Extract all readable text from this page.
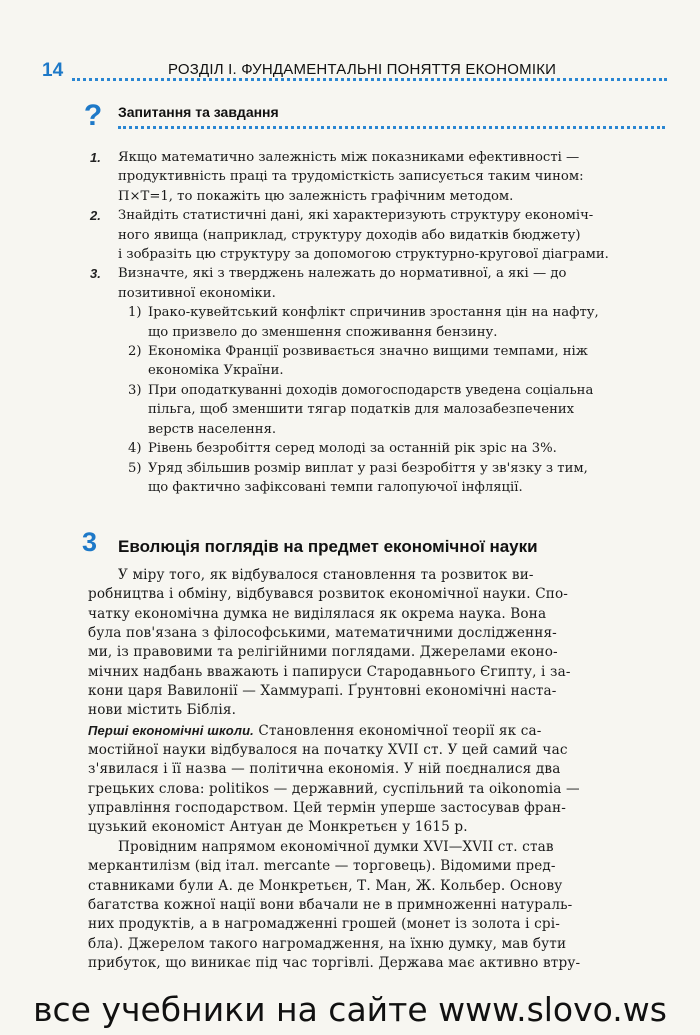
14	РОЗДІЛ І. ФУНДАМЕНТАЛЬНІ ПОНЯТТЯ ЕКОНОМІКИ
? Запитання та завдання
1. Якщо математично залежність між показниками ефективності —
продуктивність праці та трудомісткість записується таким чином:
П×Т=1, то покажіть цю залежність графічним методом.
2. Знайдіть статистичні дані, які характеризують структуру економіч-
ного явища (наприклад, структуру доходів або видатків бюджету)
і зобразіть цю структуру за допомогою структурно-кругової діаграми.
3. Визначте, які з тверджень належать до нормативної, а які — до
позитивної економіки.
1) Ірако-кувейтський конфлікт спричинив зростання цін на нафту,
що призвело до зменшення споживання бензину.
2) Економіка Франції розвивається значно вищими темпами, ніж
економіка України.
3) При оподаткуванні доходів домогосподарств уведена соціальна
пільга, щоб зменшити тягар податків для малозабезпечених
верств населення.
4) Рівень безробіття серед молоді за останній рік зріс на 3%.
5) Уряд збільшив розмір виплат у разі безробіття у зв'язку з тим,
що фактично зафіксовані темпи галопуючої інфляції.
3 Еволюція поглядів на предмет економічної науки
У міру того, як відбувалося становлення та розвиток ви-
робництва і обміну, відбувався розвиток економічної науки. Спо-
чатку економічна думка не виділялася як окрема наука. Вона
була пов'язана з філософськими, математичними дослідження-
ми, із правовими та релігійними поглядами. Джерелами еконо-
мічних надбань вважають і папируси Стародавнього Єгипту, і за-
кони царя Вавилонії — Хаммурапі. Ґрунтовні економічні наста-
нови містить Біблія.
Перші економічні школи. Становлення економічної теорії як са-
мостійної науки відбувалося на початку XVII ст. У цей самий час
з'явилася і її назва — політична економія. У ній поєдналися два
грецьких слова: politikos — державний, суспільний та oikonomia —
управління господарством. Цей термін уперше застосував фран-
цузький економіст Антуан де Монкретьєн у 1615 р.
Провідним напрямом економічної думки XVI—XVII ст. став
меркантилізм (від італ. mercante — торговець). Відомими пред-
ставниками були А. де Монкретьєн, Т. Ман, Ж. Кольбер. Основу
багатства кожної нації вони вбачали не в примноженні натураль-
них продуктів, а в нагромадженні грошей (монет із золота і срі-
бла). Джерелом такого нагромадження, на їхню думку, мав бути
прибуток, що виникає під час торгівлі. Держава має активно втру-
все учебники на сайте www.slovo.ws
